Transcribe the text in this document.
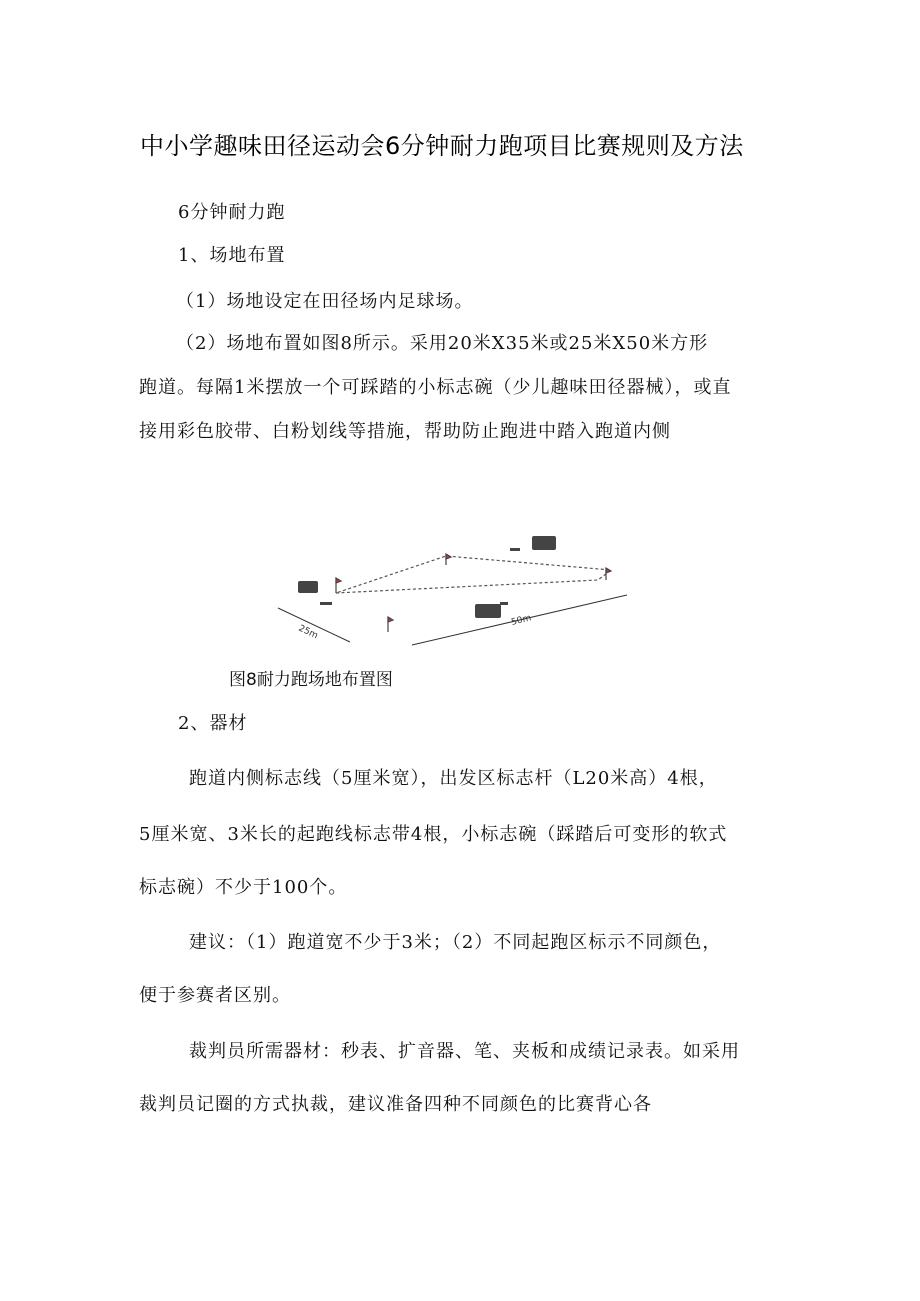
中小学趣味田径运动会6分钟耐力跑项目比赛规则及方法
6分钟耐力跑
1、场地布置
（1）场地设定在田径场内足球场。
（2）场地布置如图8所示。采用20米X35米或25米X50米方形
跑道。每隔1米摆放一个可踩踏的小标志碗（少儿趣味田径器械），或直
接用彩色胶带、白粉划线等措施，帮助防止跑进中踏入跑道内侧
25m
50m
图8耐力跑场地布置图
2、器材
跑道内侧标志线（5厘米宽），出发区标志杆（L20米高）4根，
5厘米宽、3米长的起跑线标志带4根，小标志碗（踩踏后可变形的软式
标志碗）不少于100个。
建议：（1）跑道宽不少于3米；（2）不同起跑区标示不同颜色，
便于参赛者区别。
裁判员所需器材：秒表、扩音器、笔、夹板和成绩记录表。如采用
裁判员记圈的方式执裁，建议准备四种不同颜色的比赛背心各
